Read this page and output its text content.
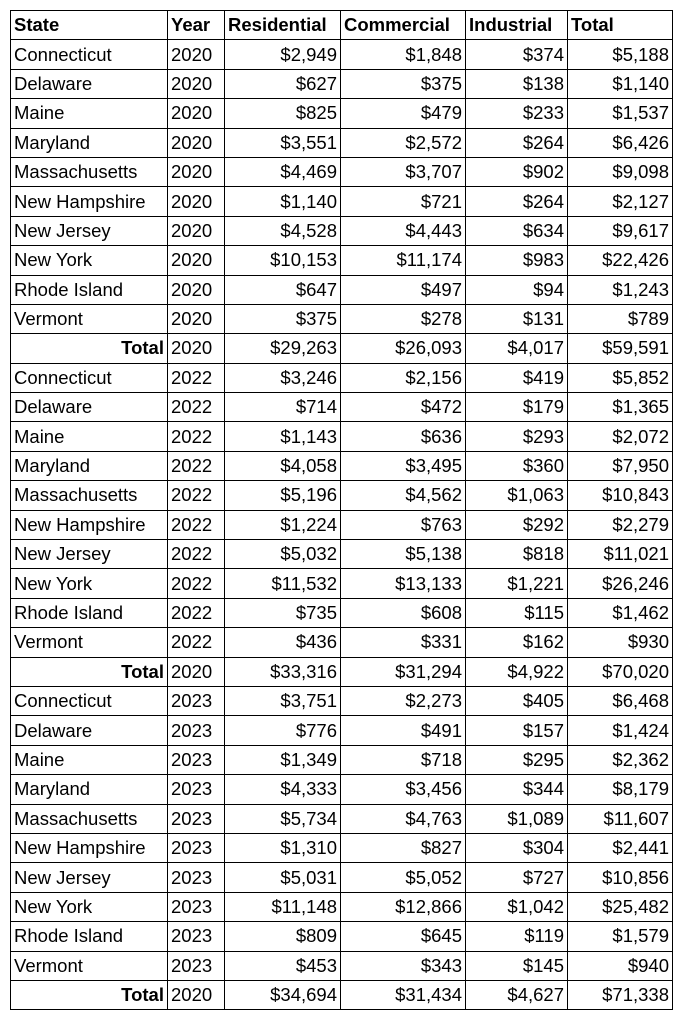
State	Year	Residential	Commercial	Industrial	Total
Connecticut	2020	$2,949	$1,848	$374	$5,188
Delaware	2020	$627	$375	$138	$1,140
Maine	2020	$825	$479	$233	$1,537
Maryland	2020	$3,551	$2,572	$264	$6,426
Massachusetts	2020	$4,469	$3,707	$902	$9,098
New Hampshire	2020	$1,140	$721	$264	$2,127
New Jersey	2020	$4,528	$4,443	$634	$9,617
New York	2020	$10,153	$11,174	$983	$22,426
Rhode Island	2020	$647	$497	$94	$1,243
Vermont	2020	$375	$278	$131	$789
Total	2020	$29,263	$26,093	$4,017	$59,591
Connecticut	2022	$3,246	$2,156	$419	$5,852
Delaware	2022	$714	$472	$179	$1,365
Maine	2022	$1,143	$636	$293	$2,072
Maryland	2022	$4,058	$3,495	$360	$7,950
Massachusetts	2022	$5,196	$4,562	$1,063	$10,843
New Hampshire	2022	$1,224	$763	$292	$2,279
New Jersey	2022	$5,032	$5,138	$818	$11,021
New York	2022	$11,532	$13,133	$1,221	$26,246
Rhode Island	2022	$735	$608	$115	$1,462
Vermont	2022	$436	$331	$162	$930
Total	2020	$33,316	$31,294	$4,922	$70,020
Connecticut	2023	$3,751	$2,273	$405	$6,468
Delaware	2023	$776	$491	$157	$1,424
Maine	2023	$1,349	$718	$295	$2,362
Maryland	2023	$4,333	$3,456	$344	$8,179
Massachusetts	2023	$5,734	$4,763	$1,089	$11,607
New Hampshire	2023	$1,310	$827	$304	$2,441
New Jersey	2023	$5,031	$5,052	$727	$10,856
New York	2023	$11,148	$12,866	$1,042	$25,482
Rhode Island	2023	$809	$645	$119	$1,579
Vermont	2023	$453	$343	$145	$940
Total	2020	$34,694	$31,434	$4,627	$71,338
